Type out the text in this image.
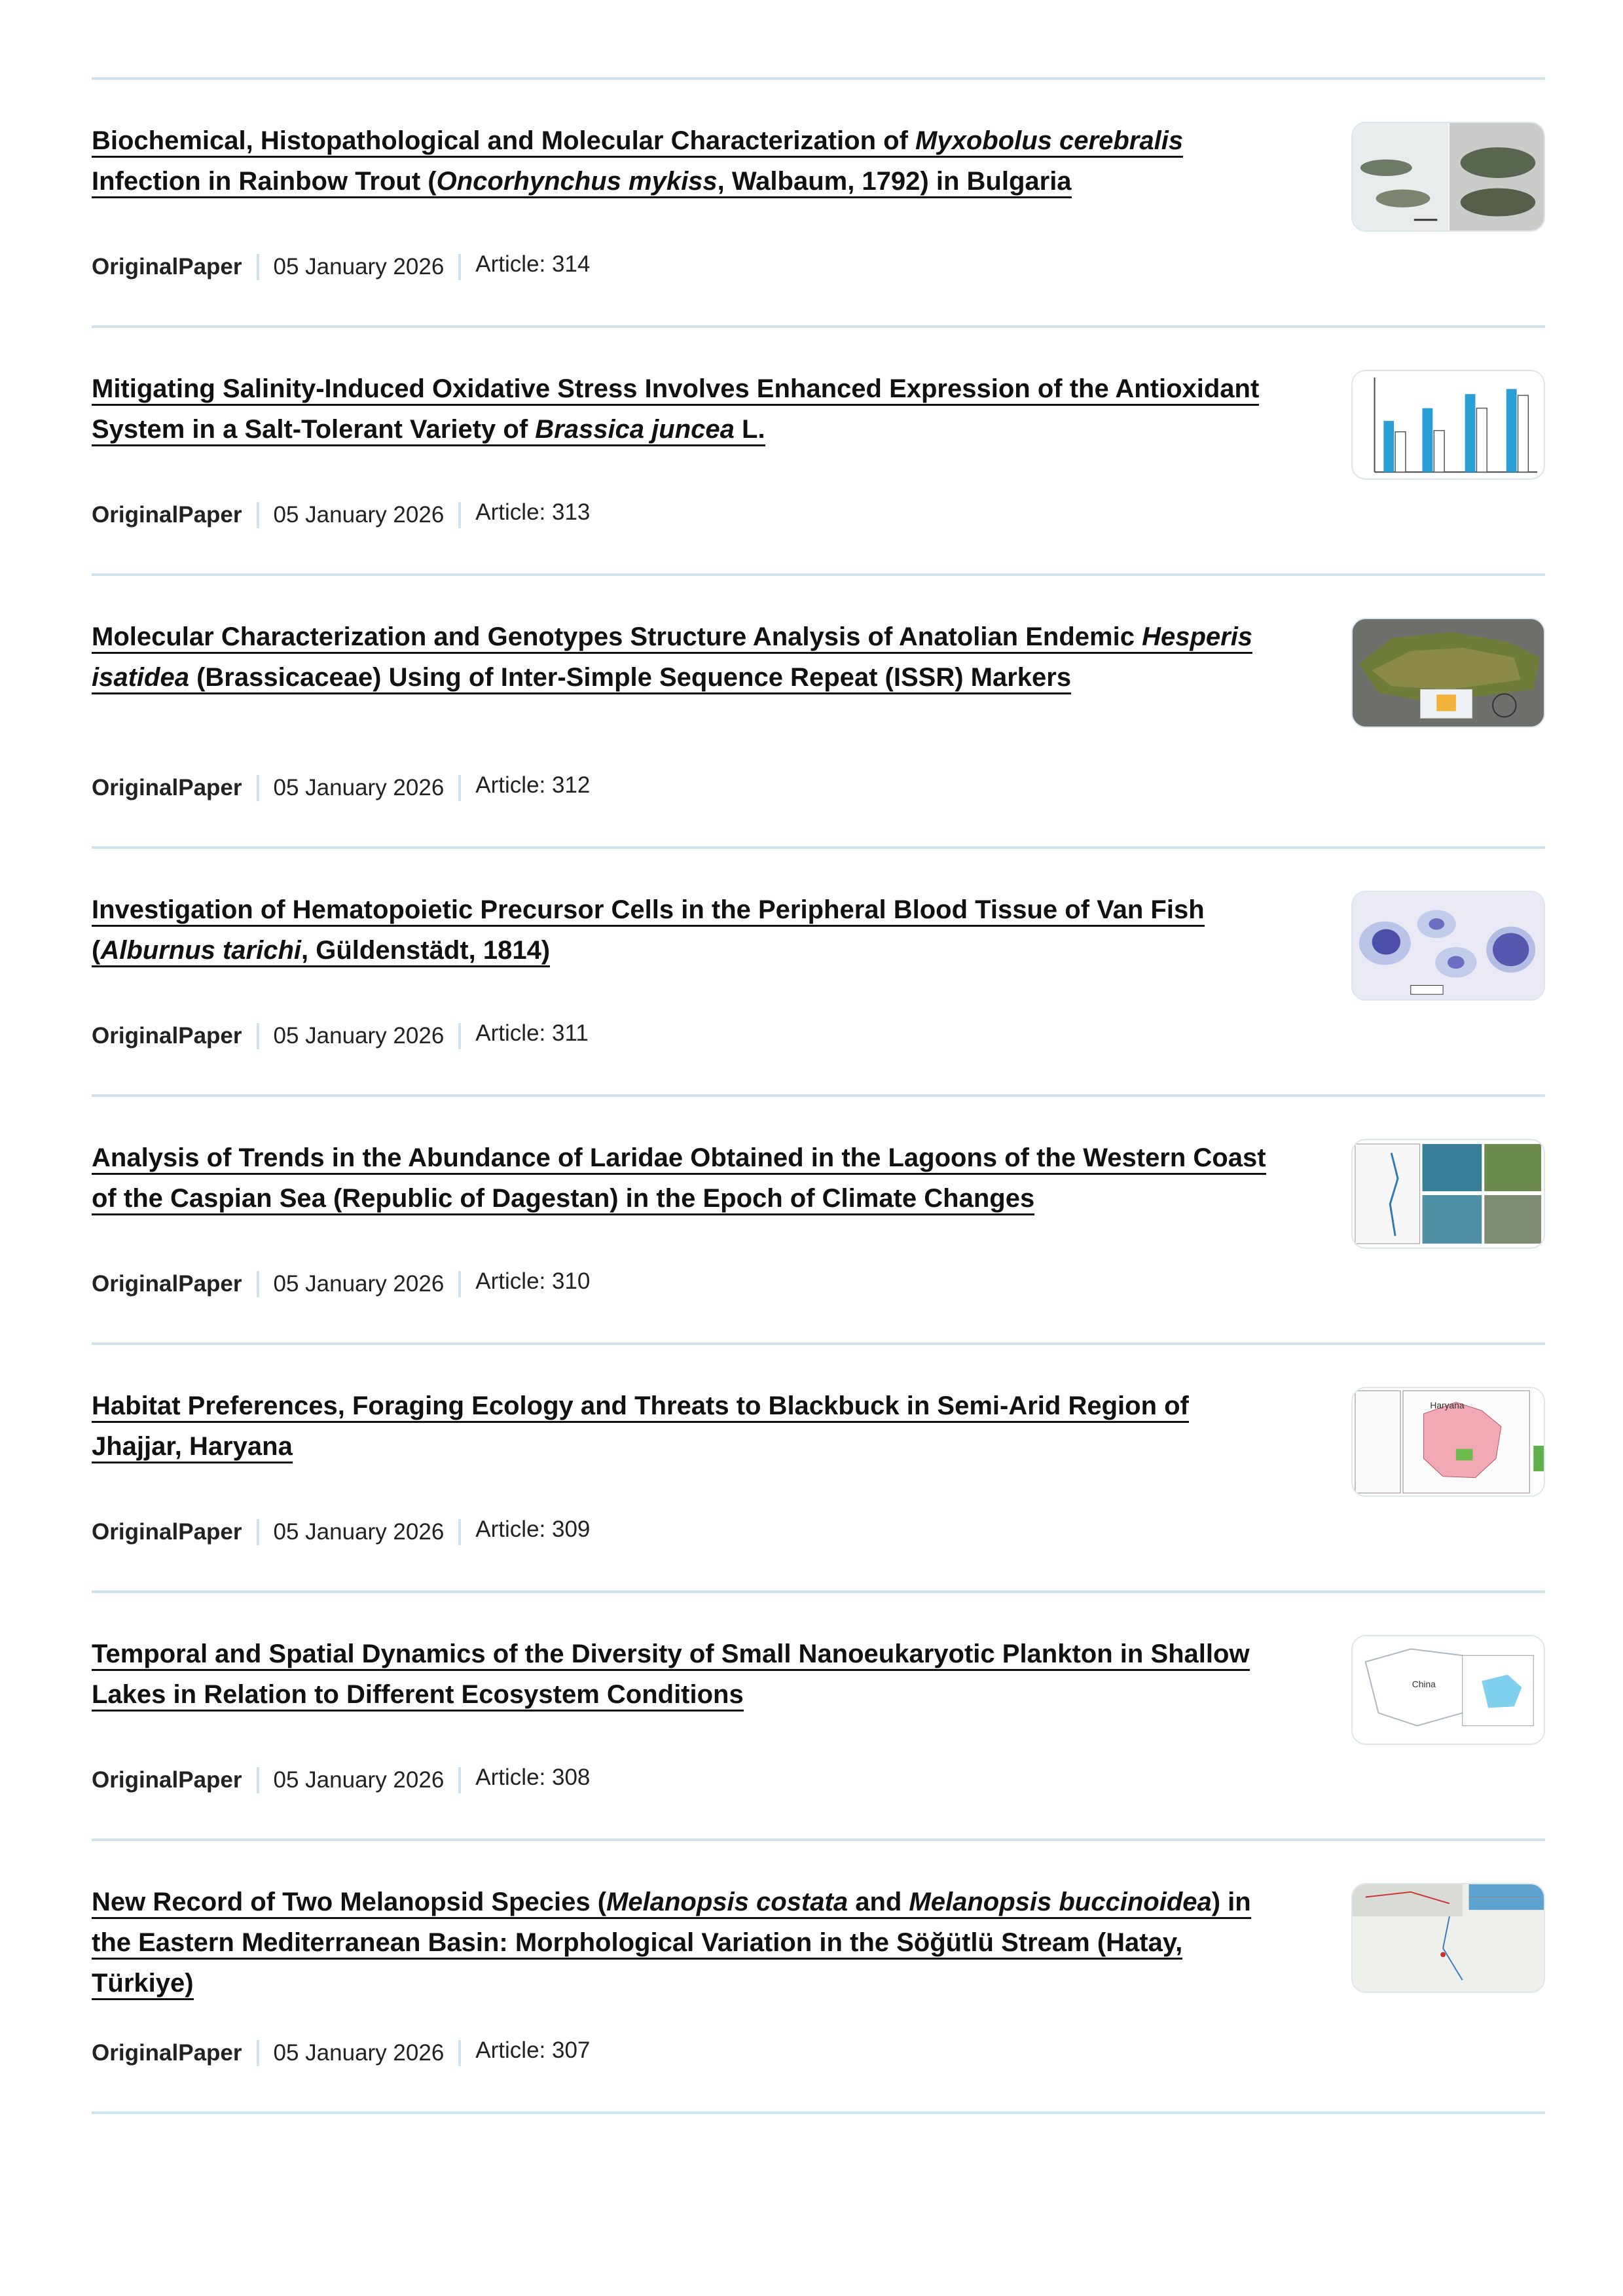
Biochemical, Histopathological and Molecular Characterization of Myxobolus cerebralis Infection in Rainbow Trout (Oncorhynchus mykiss, Walbaum, 1792) in Bulgaria
OriginalPaper 05 January 2026 Article: 314
Mitigating Salinity-Induced Oxidative Stress Involves Enhanced Expression of the Antioxidant System in a Salt-Tolerant Variety of Brassica juncea L.
OriginalPaper 05 January 2026 Article: 313
Molecular Characterization and Genotypes Structure Analysis of Anatolian Endemic Hesperis isatidea (Brassicaceae) Using of Inter-Simple Sequence Repeat (ISSR) Markers
OriginalPaper 05 January 2026 Article: 312
Investigation of Hematopoietic Precursor Cells in the Peripheral Blood Tissue of Van Fish (Alburnus tarichi, Güldenstädt, 1814)
OriginalPaper 05 January 2026 Article: 311
Analysis of Trends in the Abundance of Laridae Obtained in the Lagoons of the Western Coast of the Caspian Sea (Republic of Dagestan) in the Epoch of Climate Changes
OriginalPaper 05 January 2026 Article: 310
Habitat Preferences, Foraging Ecology and Threats to Blackbuck in Semi-Arid Region of Jhajjar, Haryana
OriginalPaper 05 January 2026 Article: 309
Haryana
Temporal and Spatial Dynamics of the Diversity of Small Nanoeukaryotic Plankton in Shallow Lakes in Relation to Different Ecosystem Conditions
OriginalPaper 05 January 2026 Article: 308
China
New Record of Two Melanopsid Species (Melanopsis costata and Melanopsis buccinoidea) in the Eastern Mediterranean Basin: Morphological Variation in the Söğütlü Stream (Hatay, Türkiye)
OriginalPaper 05 January 2026 Article: 307
